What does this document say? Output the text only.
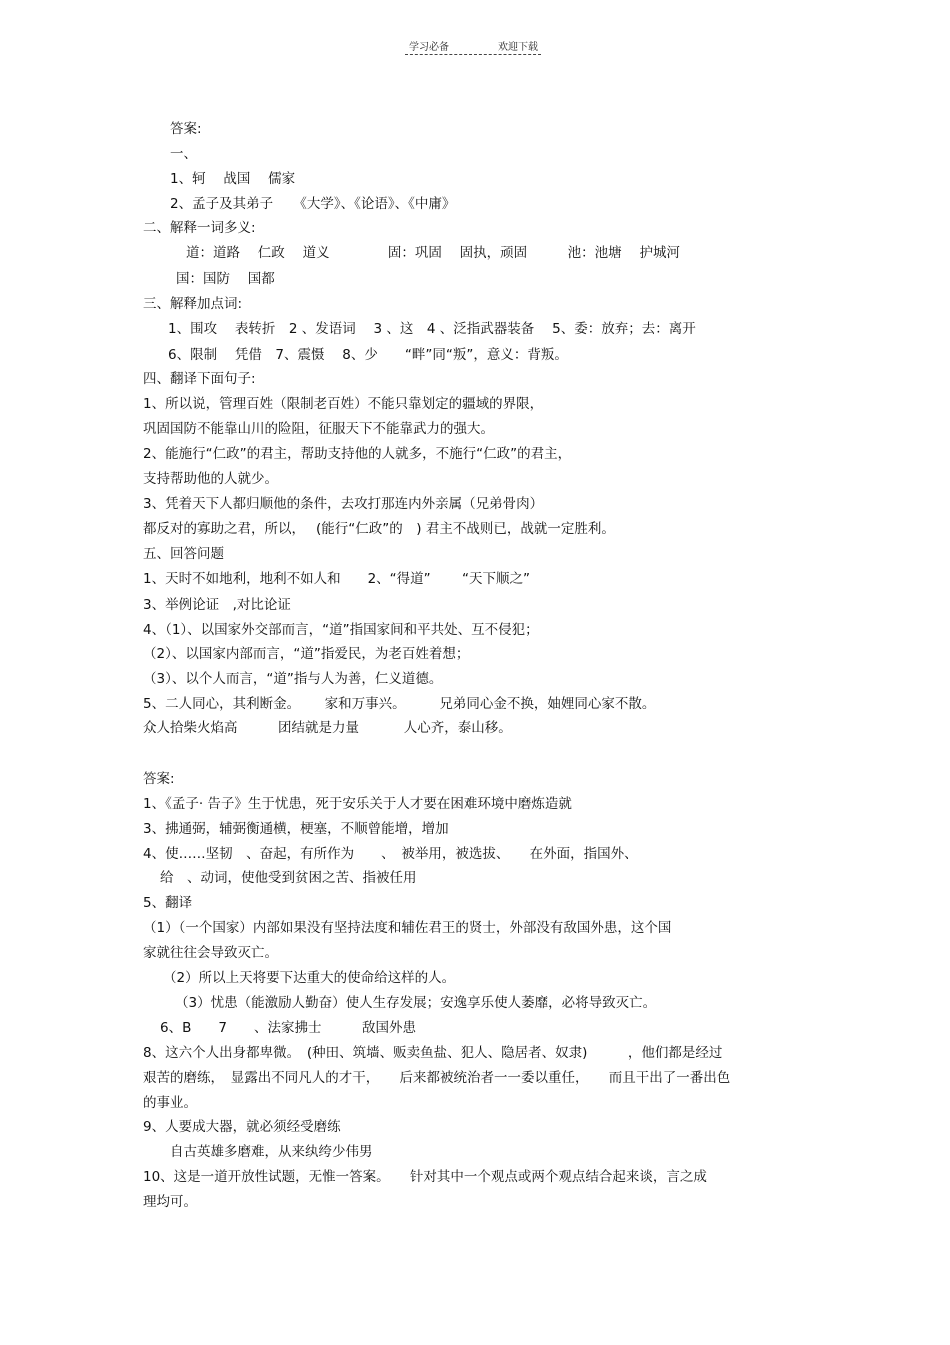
学习必备	欢迎下载
答案:
一、
1、轲　 战国　 儒家
2、孟子及其弟子　　《大学》、《论语》、《中庸》
二、解释一词多义:
道：道路　 仁政　 道义　　　　 固：巩固　 固执，顽固　　　池：池塘　 护城河
国：国防　 国都
三、解释加点词:
1、围攻　 表转折　2 、发语词　 3 、这　4 、泛指武器装备　 5、委：放弃；去：离开
6、限制　 凭借　7、震慑　 8、少　　“畔”同“叛”，意义：背叛。
四、翻译下面句子:
1、所以说，管理百姓（限制老百姓）不能只靠划定的疆域的界限，
巩固国防不能靠山川的险阻，征服天下不能靠武力的强大。
2、能施行“仁政”的君主，帮助支持他的人就多，不施行“仁政”的君主，
支持帮助他的人就少。
3、凭着天下人都归顺他的条件，去攻打那连内外亲属（兄弟骨肉）
都反对的寡助之君，所以，　 (能行“仁政”的　) 君主不战则已，战就一定胜利。
五、回答问题
1、天时不如地利，地利不如人和　　2、“得道”　　 “天下顺之”
3、举例论证　,对比论证
4、（1）、以国家外交部而言，“道”指国家间和平共处、互不侵犯；
（2）、以国家内部而言，“道”指爱民，为老百姓着想；
（3）、以个人而言，“道”指与人为善，仁义道德。
5、二人同心，其利断金。　　 家和万事兴。　　　兄弟同心金不换，妯娌同心家不散。
众人拾柴火焰高　　　团结就是力量　　　 人心齐，泰山移。
答案:
1、《孟子· 告子》生于忧患，死于安乐关于人才要在困难环境中磨炼造就
3、拂通弼，辅弼衡通横，梗塞，不顺曾能增，增加
4、使……坚韧　、奋起，有所作为　　、　被举用，被选拔、　　在外面，指国外、
给　、动词，使他受到贫困之苦、指被任用
5、翻译
（1）（一个国家）内部如果没有坚持法度和辅佐君王的贤士，外部没有敌国外患，这个国
家就往往会导致灭亡。
（2）所以上天将要下达重大的使命给这样的人。
（3）忧患（能激励人勤奋）使人生存发展；安逸享乐使人萎靡，必将导致灭亡。
6、B　　7　　、法家拂士　　　敌国外患
8、这六个人出身都卑微。　(种田、筑墙、贩卖鱼盐、犯人、隐居者、奴隶)　　　，他们都是经过
艰苦的磨练，　显露出不同凡人的才干，　　后来都被统治者一一委以重任，　　而且干出了一番出色
的事业。
9、人要成大器，就必须经受磨练
自古英雄多磨难，从来纨绔少伟男
10、这是一道开放性试题，无惟一答案。　　针对其中一个观点或两个观点结合起来谈，言之成
理均可。
